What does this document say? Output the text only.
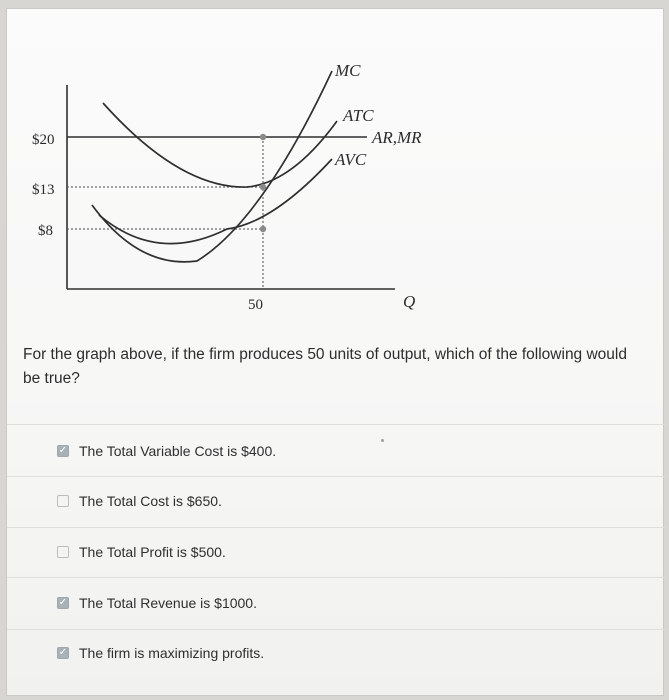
$20
$13
$8
50
MC
ATC
AR,MR
AVC
Q
For the graph above, if the firm produces 50 units of output, which of the following would be true?
✓ The Total Variable Cost is $400.
The Total Cost is $650.
The Total Profit is $500.
✓ The Total Revenue is $1000.
✓ The firm is maximizing profits.
